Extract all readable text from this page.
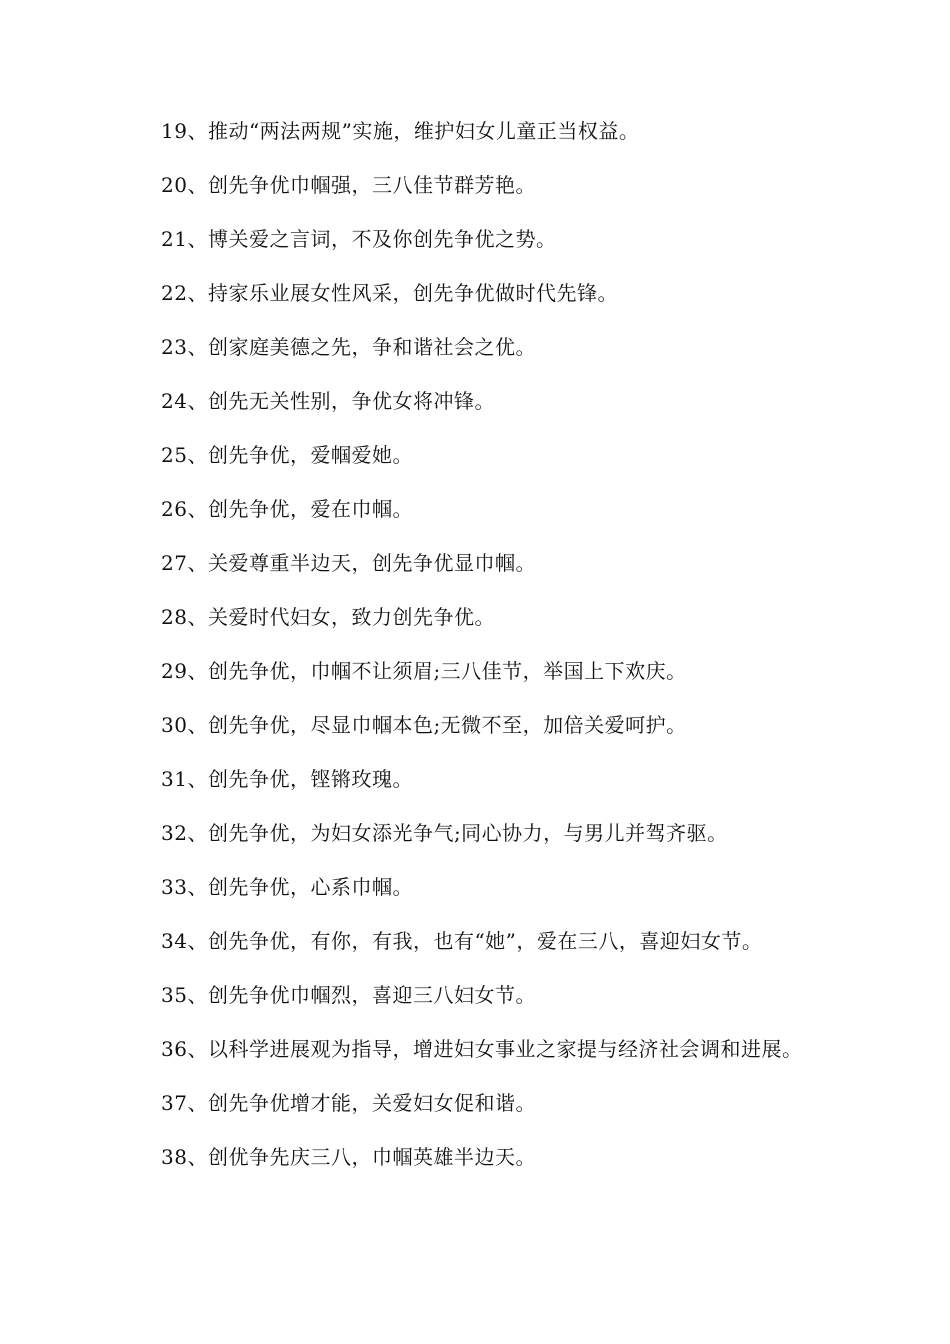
19、推动“两法两规”实施，维护妇女儿童正当权益。

20、创先争优巾帼强，三八佳节群芳艳。

21、博关爱之言词，不及你创先争优之势。

22、持家乐业展女性风采，创先争优做时代先锋。

23、创家庭美德之先，争和谐社会之优。

24、创先无关性别，争优女将冲锋。

25、创先争优，爱帼爱她。

26、创先争优，爱在巾帼。

27、关爱尊重半边天，创先争优显巾帼。

28、关爱时代妇女，致力创先争优。

29、创先争优，巾帼不让须眉;三八佳节，举国上下欢庆。

30、创先争优，尽显巾帼本色;无微不至，加倍关爱呵护。

31、创先争优，铿锵玫瑰。

32、创先争优，为妇女添光争气;同心协力，与男儿并驾齐驱。

33、创先争优，心系巾帼。

34、创先争优，有你，有我，也有“她”，爱在三八，喜迎妇女节。

35、创先争优巾帼烈，喜迎三八妇女节。

36、以科学进展观为指导，增进妇女事业之家提与经济社会调和进展。

37、创先争优增才能，关爱妇女促和谐。

38、创优争先庆三八，巾帼英雄半边天。
